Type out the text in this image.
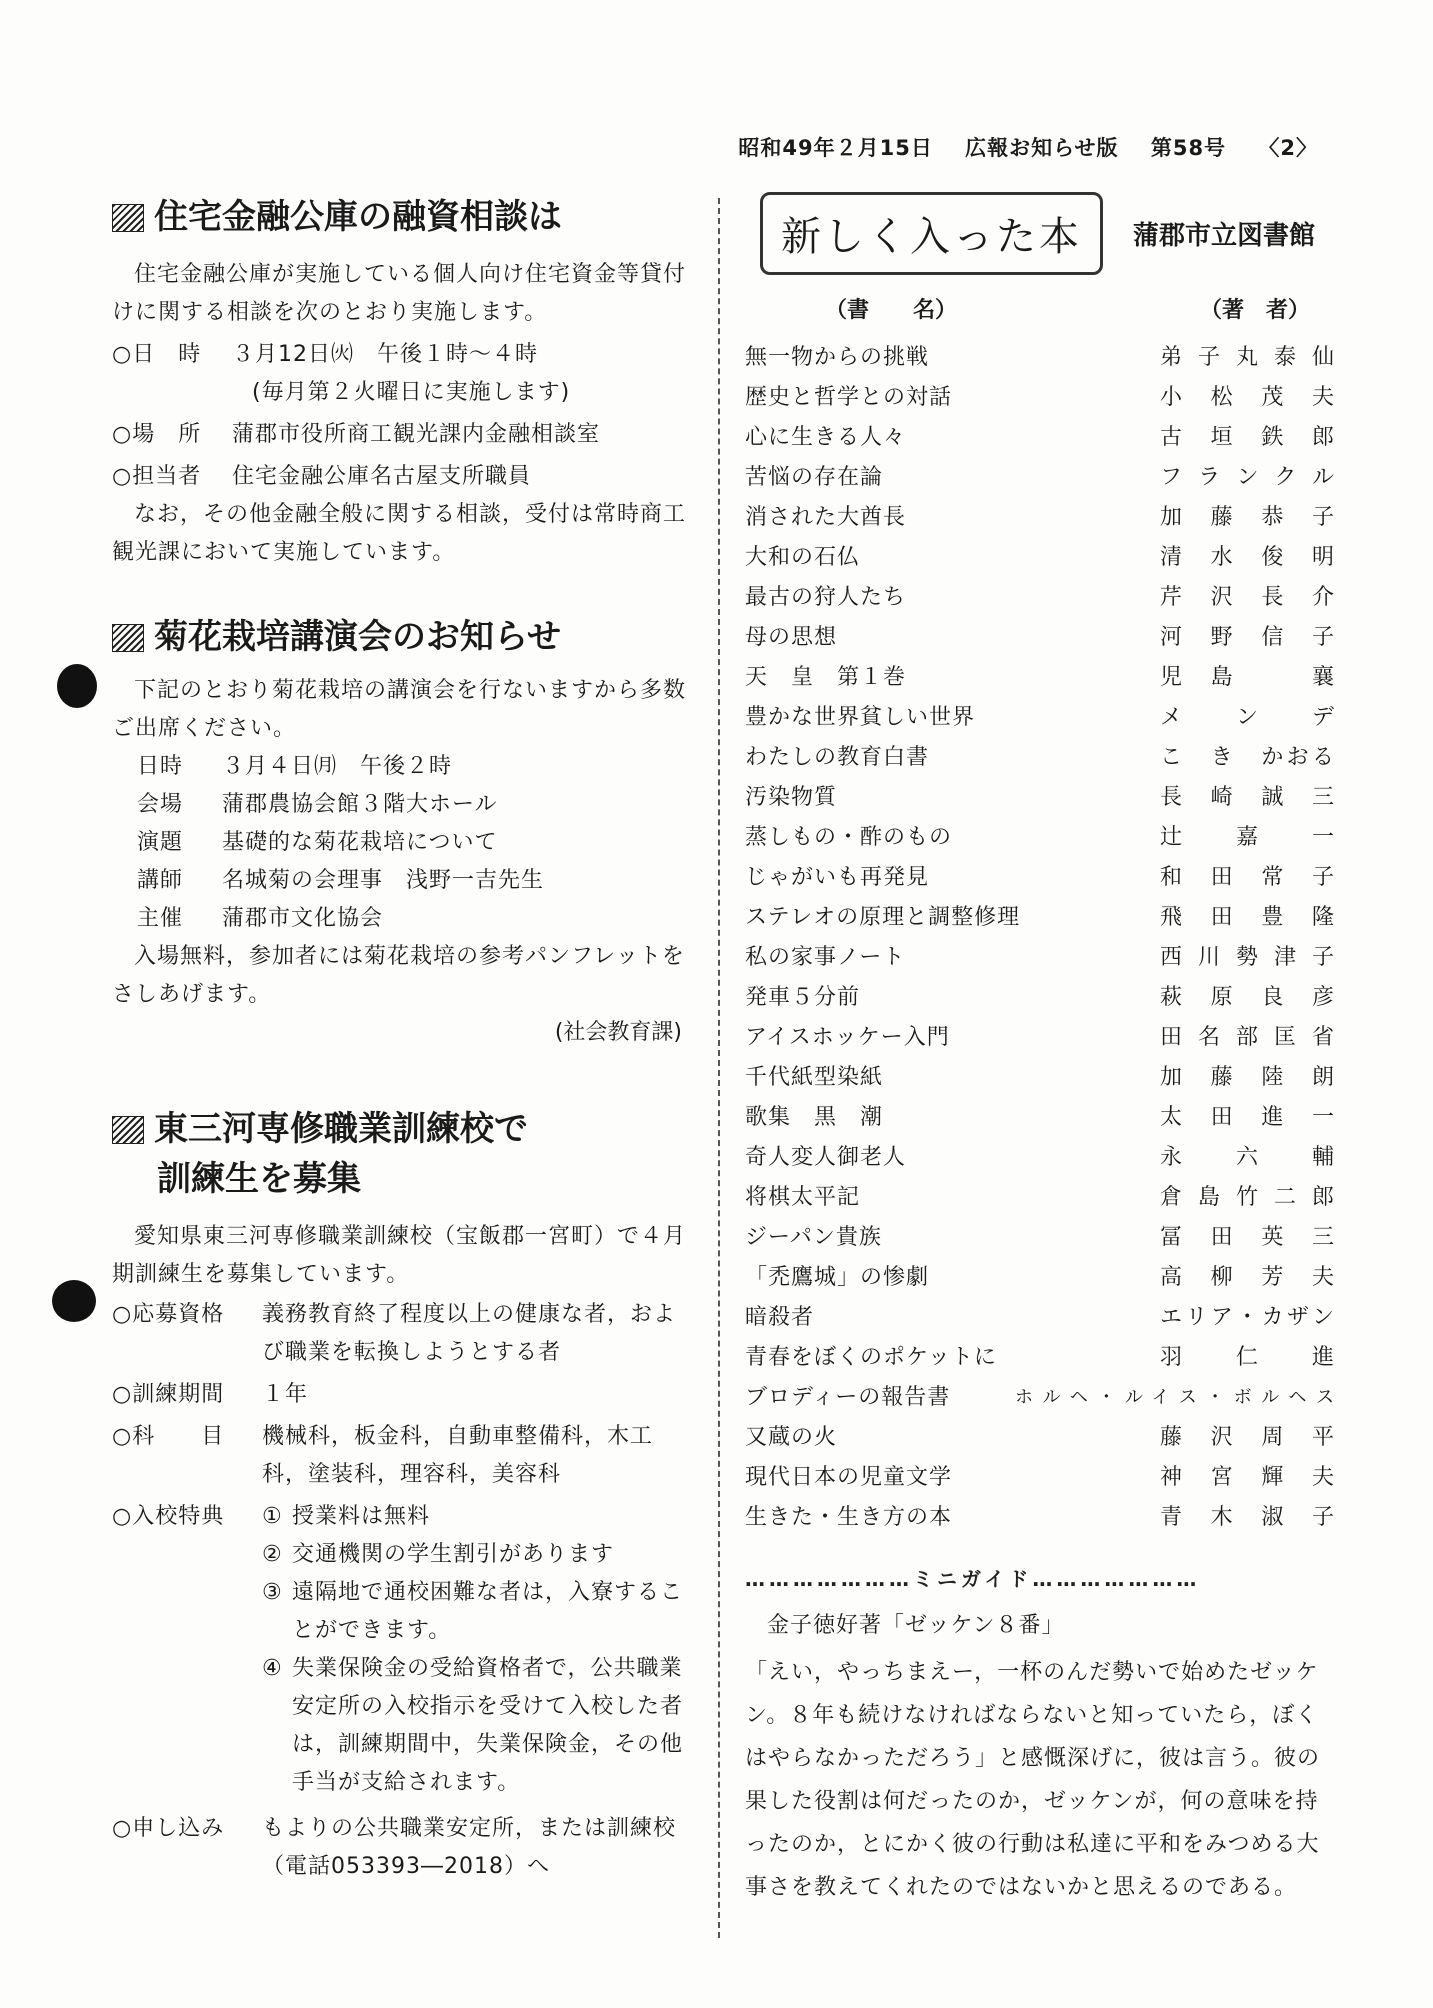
昭和49年２月15日 広報お知らせ版 第58号 〈2〉
住宅金融公庫の融資相談は

住宅金融公庫が実施している個人向け住宅資金等貸付けに関する相談を次のとおり実施します。

○日　時	３月12日㈫　午後１時～４時
(毎月第２火曜日に実施します)
○場　所	蒲郡市役所商工観光課内金融相談室
○担当者	住宅金融公庫名古屋支所職員

なお，その他金融全般に関する相談，受付は常時商工観光課において実施しています。

菊花栽培講演会のお知らせ

下記のとおり菊花栽培の講演会を行ないますから多数ご出席ください。

日時	３月４日㈪　午後２時
会場	蒲郡農協会館３階大ホール
演題	基礎的な菊花栽培について
講師	名城菊の会理事　浅野一吉先生
主催	蒲郡市文化協会

入場無料，参加者には菊花栽培の参考パンフレットをさしあげます。

(社会教育課)
東三河専修職業訓練校で
訓練生を募集

愛知県東三河専修職業訓練校（宝飯郡一宮町）で４月期訓練生を募集しています。

○応募資格	義務教育終了程度以上の健康な者，および職業を転換しようとする者
○訓練期間	１年
○科　　目	機械科，板金科，自動車整備科，木工科，塗装科，理容科，美容科
○入校特典	① 授業料は無料
② 交通機関の学生割引があります
③ 遠隔地で通校困難な者は，入寮することができます。
④ 失業保険金の受給資格者で，公共職業安定所の入校指示を受けて入校した者は，訓練期間中，失業保険金，その他手当が支給されます。
○申し込み	もよりの公共職業安定所，または訓練校（電話053393―2018）へ
新しく入った本	蒲郡市立図書館
（書　　名）	（著　者）
無一物からの挑戦	弟子丸泰仙
歴史と哲学との対話	小松茂夫
心に生きる人々	古垣鉄郎
苦悩の存在論	フランクル
消された大酋長	加藤恭子
大和の石仏	清水俊明
最古の狩人たち	芹沢長介
母の思想	河野信子
天　皇　第１巻	児島　襄
豊かな世界貧しい世界	メ　ン　デ
わたしの教育白書	こ　き　かおる
汚染物質	長崎誠三
蒸しもの・酢のもの	辻　嘉　一
じゃがいも再発見	和田常子
ステレオの原理と調整修理	飛田豊隆
私の家事ノート	西川勢津子
発車５分前	萩原良彦
アイスホッケー入門	田名部匡省
千代紙型染紙	加藤陸朗
歌集　黒　潮	太田進一
奇人変人御老人	永　六　輔
将棋太平記	倉島竹二郎
ジーパン貴族	冨田英三
「禿鷹城」の惨劇	高柳芳夫
暗殺者	エリア・カザン
青春をぼくのポケットに	羽　仁　進
ブロディーの報告書	ホルヘ・ルイス・ボルヘス
又蔵の火	藤沢周平
現代日本の児童文学	神宮輝夫
生きた・生き方の本	青木淑子
…………………ミニガイド…………………
金子徳好著「ゼッケン８番」

「えい，やっちまえー，一杯のんだ勢いで始めたゼッケン。８年も続けなければならないと知っていたら，ぼくはやらなかっただろう」と感慨深げに，彼は言う。彼の果した役割は何だったのか，ゼッケンが，何の意味を持ったのか，とにかく彼の行動は私達に平和をみつめる大事さを教えてくれたのではないかと思えるのである。
